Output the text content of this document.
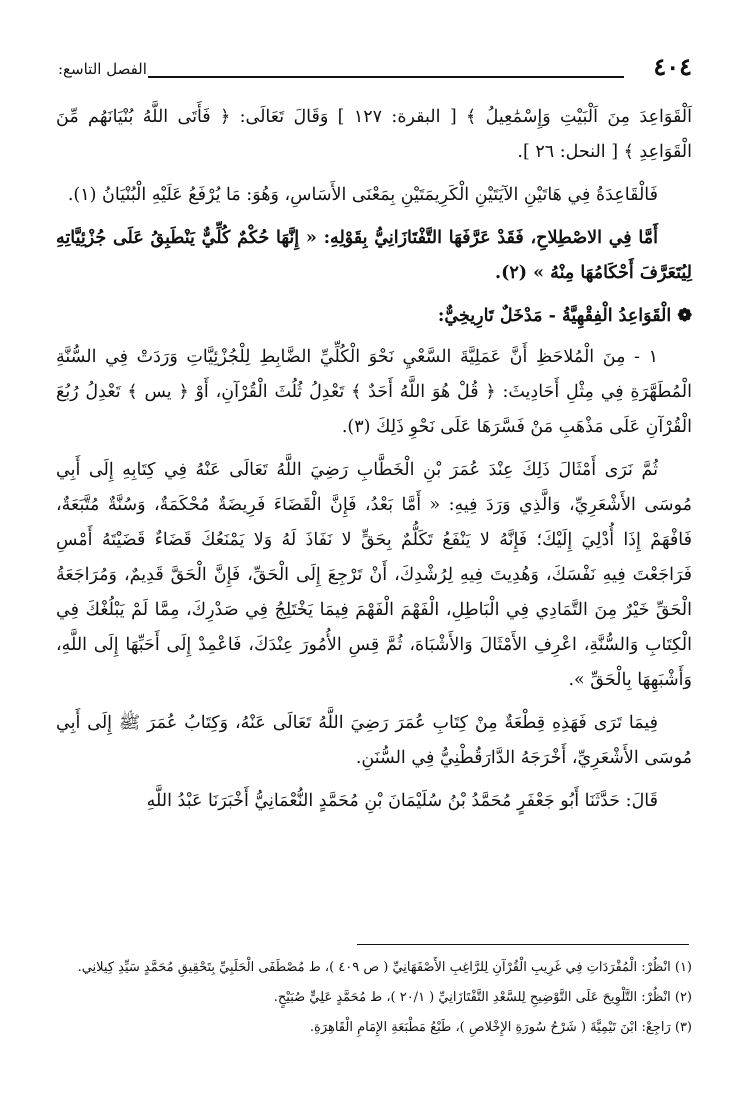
٤٠٤
الفصل التاسع:

اَلْقَوَاعِدَ مِنَ اَلْبَيْتِ وَإِسْمَٰعِيلُ ﴾ [ البقرة: ١٢٧ ] وَقَالَ تَعَالَى: ﴿ فَأَتَى اللَّهُ بُنْيَانَهُم مِّنَ الْقَوَاعِدِ ﴾ [ النحل: ٢٦ ].

فَالْقَاعِدَةُ فِي هَاتَيْنِ الآيَتَيْنِ الْكَرِيمَتَيْنِ بِمَعْنَى الأَسَاسِ، وَهُوَ: مَا يُرْفَعُ عَلَيْهِ الْبُنْيَانُ (١).

أَمَّا فِي الاصْطِلاحِ، فَقَدْ عَرَّفَهَا التَّفْتَازَانِيُّ بِقَوْلِهِ: « إِنَّهَا حُكْمٌ كُلِّيٌّ يَنْطَبِقُ عَلَى جُزْئِيَّاتِهِ لِيُتَعَرَّفَ أَحْكَامُهَا مِنْهُ » (٢).

❁ الْقَوَاعِدُ الْفِقْهِيَّةُ - مَدْخَلٌ تَارِيخِيٌّ:

١ - مِنَ الْمُلاحَظِ أَنَّ عَمَلِيَّةَ السَّعْيِ نَحْوَ الْكُلِّيِّ الضَّابِطِ لِلْجُزْئِيَّاتِ وَرَدَتْ فِي السُّنَّةِ الْمُطَهَّرَةِ فِي مِثْلِ أَحَادِيثَ: ﴿ قُلْ هُوَ اللَّهُ أَحَدٌ ﴾ تَعْدِلُ ثُلُثَ الْقُرْآنِ، أَوْ ﴿ يس ﴾ تَعْدِلُ رُبُعَ الْقُرْآنِ عَلَى مَذْهَبِ مَنْ فَسَّرَهَا عَلَى نَحْوِ ذَلِكَ (٣).

ثُمَّ نَرَى أَمْثَالَ ذَلِكَ عِنْدَ عُمَرَ بْنِ الْخَطَّابِ رَضِيَ اللَّهُ تَعَالَى عَنْهُ فِي كِتَابِهِ إِلَى أَبِي مُوسَى الأَشْعَرِيِّ، وَالَّذِي وَرَدَ فِيهِ: « أَمَّا بَعْدُ، فَإِنَّ الْقَضَاءَ فَرِيضَةٌ مُحْكَمَةٌ، وَسُنَّةٌ مُتَّبَعَةٌ، فَافْهَمْ إِذَا أُدْلِيَ إِلَيْكَ؛ فَإِنَّهُ لا يَنْفَعُ تَكَلُّمٌ بِحَقٍّ لا نَفَاذَ لَهُ وَلا يَمْنَعُكَ قَضَاءٌ قَضَيْتَهُ أَمْسِ فَرَاجَعْتَ فِيهِ نَفْسَكَ، وَهُدِيتَ فِيهِ لِرُشْدِكَ، أَنْ تَرْجِعَ إِلَى الْحَقِّ، فَإِنَّ الْحَقَّ قَدِيمٌ، وَمُرَاجَعَةُ الْحَقِّ خَيْرٌ مِنَ التَّمَادِي فِي الْبَاطِلِ، الْفَهْمَ الْفَهْمَ فِيمَا يَخْتَلِجُ فِي صَدْرِكَ، مِمَّا لَمْ يَبْلُغْكَ فِي الْكِتَابِ وَالسُّنَّةِ، اعْرِفِ الأَمْثَالَ وَالأَشْبَاهَ، ثُمَّ قِسِ الأُمُورَ عِنْدَكَ، فَاعْمِدْ إِلَى أَحَبِّهَا إِلَى اللَّهِ، وَأَشْبَهِهَا بِالْحَقِّ ».

فِيمَا تَرَى فَهَذِهِ قِطْعَةٌ مِنْ كِتَابِ عُمَرَ رَضِيَ اللَّهُ تَعَالَى عَنْهُ، وَكِتَابُ عُمَرَ ﷺ إِلَى أَبِي مُوسَى الأَشْعَرِيِّ، أَخْرَجَهُ الدَّارَقُطْنِيُّ فِي السُّنَنِ.

قَالَ: حَدَّثَنَا أَبُو جَعْفَرٍ مُحَمَّدُ بْنُ سُلَيْمَانَ بْنِ مُحَمَّدٍ النُّعْمَانِيُّ أَخْبَرَنَا عَبْدُ اللَّهِ

(١) انْظُرْ: الْمُفْرَدَاتِ فِي غَرِيبِ الْقُرْآنِ لِلرَّاغِبِ الأَصْفَهَانِيِّ ( ص ٤٠٩ )، ط مُصْطَفَى الْحَلَبِيِّ بِتَحْقِيقِ مُحَمَّدٍ سَيِّدِ كِيلانِي.

(٢) انْظُرْ: التَّلْوِيحَ عَلَى التَّوْضِيحِ لِلسَّعْدِ التَّفْتَازَانِيِّ ( ٢٠/١ )، ط مُحَمَّدٍ عَلِيٍّ صُبَيْحٍ.

(٣) رَاجِعْ: ابْنَ تَيْمِيَّةَ ( شَرْحُ سُورَةِ الإِخْلاصِ )، طَبْعُ مَطْبَعَةِ الإِمَامِ الْقَاهِرَةِ.
